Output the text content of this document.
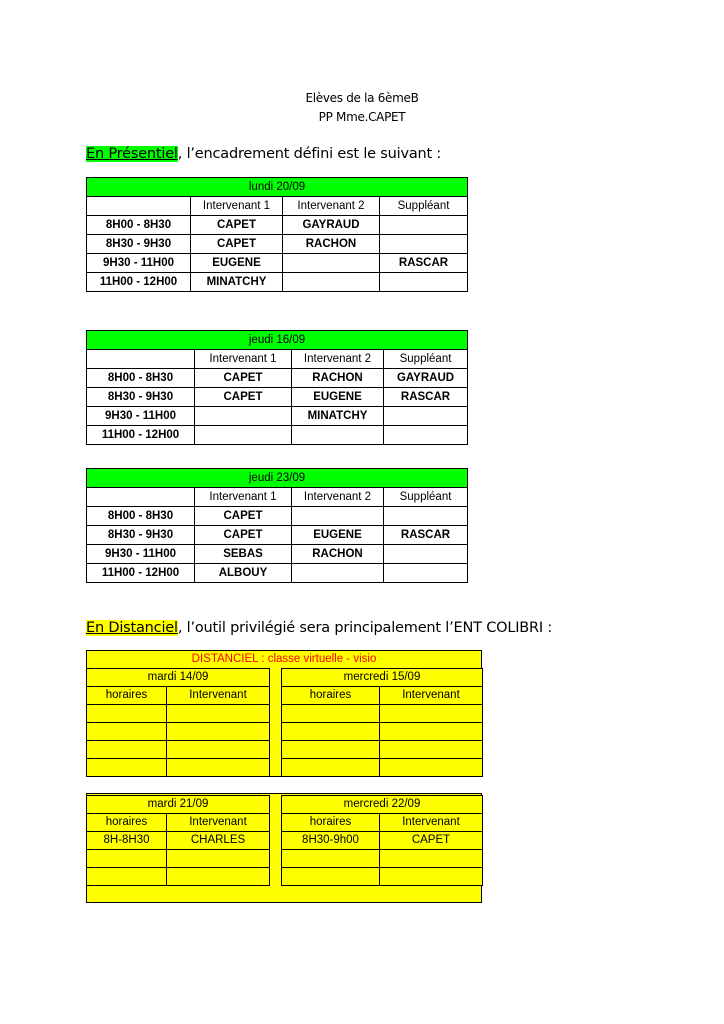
Elèves de la 6èmeB
PP Mme.CAPET
En Présentiel, l’encadrement défini est le suivant :
lundi 20/09			
	Intervenant 1	Intervenant 2	Suppléant
8H00 - 8H30	CAPET	GAYRAUD	
8H30 - 9H30	CAPET	RACHON	
9H30 - 11H00	EUGENE		RASCAR
11H00 - 12H00	MINATCHY		
jeudi 16/09			
	Intervenant 1	Intervenant 2	Suppléant
8H00 - 8H30	CAPET	RACHON	GAYRAUD
8H30 - 9H30	CAPET	EUGENE	RASCAR
9H30 - 11H00		MINATCHY	
11H00 - 12H00			
jeudi 23/09			
	Intervenant 1	Intervenant 2	Suppléant
8H00 - 8H30	CAPET		
8H30 - 9H30	CAPET	EUGENE	RASCAR
9H30 - 11H00	SEBAS	RACHON	
11H00 - 12H00	ALBOUY		
En Distanciel, l’outil privilégié sera principalement l’ENT COLIBRI :
DISTANCIEL : classe virtuelle - visio
mardi 14/09	
horaires	Intervenant

mercredi 15/09	
horaires	Intervenant

mardi 21/09	
horaires	Intervenant
8H-8H30	CHARLES

mercredi 22/09	
horaires	Intervenant
8H30-9h00	CAPET
